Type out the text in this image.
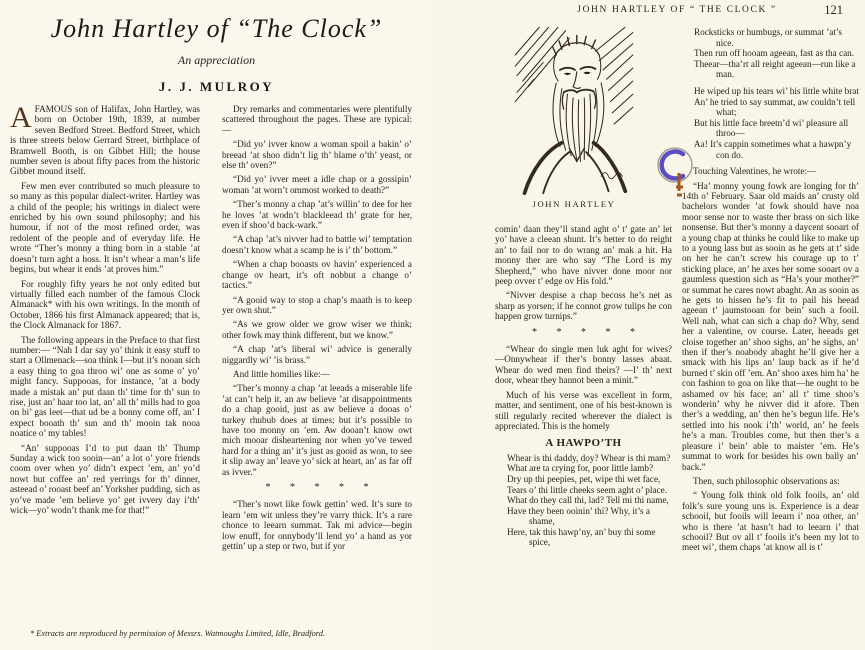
John Hartley of “The Clock”
An appreciation
J. J. MULROY

AFAMOUS son of Halifax, John Hartley, was born on October 19th, 1839, at number seven Bedford Street. Bedford Street, which is three streets below Gerrard Street, birthplace of Bramwell Booth, is on Gibbet Hill; the house number seven is about fifty paces from the historic Gibbet mound itself.

Few men ever contributed so much pleasure to so many as this popular dialect-writer. Hartley was a child of the people; his writings in dialect were enriched by his own sound philosophy; and his humour, if not of the most refined order, was redolent of the people and of everyday life. He wrote “Ther’s monny a thing born in a stable ’at doesn’t turn aght a hoss. It isn’t whear a man’s life begins, but whear it ends ’at proves him.”

For roughly fifty years he not only edited but virtually filled each number of the famous Clock Almanack* with his own writings. In the month of October, 1866 his first Almanack appeared; that is, the Clock Almanack for 1867.

The following appears in the Preface to that first number:— “Nah I dar say yo’ think it easy stuff to start a Ollmenack—soa think I—but it’s nooan sich a easy thing to goa throo wi’ one as some o’ yo’ might fancy. Suppooas, for instance, ’at a body made a mistak an’ put daan th’ time for th’ sun to rise, just an’ haar too lat, an’ all th’ mills had to goa on bi’ gas leet—that ud be a bonny come off, an’ I expect booath th’ sun and th’ mooin tak nooa noatice o’ my tables!

“An’ suppooas I’d to put daan th’ Thump Sunday a wick too sooin—an’ a lot o’ yore friends coom over when yo’ didn’t expect ’em, an’ yo’d nowt but coffee an’ red yerrings for th’ dinner, asteead o’ rooast beef an’ Yorksher pudding, sich as yo’ve made ’em believe yo’ get ivvery day i’th’ wick—yo’ wodn’t thank me for that!”

Dry remarks and commentaries were plentifully scattered throughout the pages. These are typical:—

“Did yo’ ivver know a woman spoil a bakin’ o’ breead ’at shoo didn’t lig th’ blame o’th’ yeast, or else th’ oven?”

“Did yo’ ivver meet a idle chap or a gossipin’ woman ’at worn’t ommost worked to death?”

“Ther’s monny a chap ’at’s willin’ to dee for her he loves ’at wodn’t blackleead th’ grate for her, even if shoo’d back-wark.”

“A chap ’at’s nivver had to battle wi’ temptation doesn’t know what a scamp he is i’ th’ bottom.”

“When a chap booasts ov havin’ experienced a change ov heart, it’s oft nobbut a change o’ tactics.”

“A gooid way to stop a chap’s maath is to keep yer own shut.”

“As we grow older we grow wiser we think; other fowk may think different, but we know.”

“A chap ’at’s liberal wi’ advice is generally niggardly wi’ ’is brass.”

And little homilies like:—

“Ther’s monny a chap ’at leeads a miserable life ’at can’t help it, an aw believe ’at disappointments do a chap gooid, just as aw believe a dooas o’ turkey rhubub does at times; but it’s possible to have too monny on ’em. Aw dooan’t know owt mich mooar disheartening nor when yo’ve tewed hard for a thing an’ it’s just as gooid as won, to see it slip away an’ leave yo’ sick at heart, an’ as far off as ivver.”

* * * * *

“Ther’s nowt like fowk gettin’ wed. It’s sure to learn ’em wit unless they’re varry thick. It’s a rare chonce to leearn summat. Tak mi advice—begin low enuff, for onnybody’ll lend yo’ a hand as yor gettin’ up a step or two, but if yor

* Extracts are reproduced by permission of Messrs. Watmoughs Limited, Idle, Bradford.
JOHN HARTLEY OF “ THE CLOCK ”	121
JOHN HARTLEY

comin’ daan they’ll stand aght o’ t’ gate an’ let yo’ have a cleean shunt. It’s better to do reight an’ to fail nor to do wrang an’ mak a hit. Ha monny ther are who say “The Lord is my Shepherd,” who have nivver done moor nor peep ovver t’ edge ov His fold.”

“Nivver despise a chap becoss he’s net as sharp as yorsen; if he connot grow tulips he con happen grow turnips.”

* * * * *

“Whear do single men luk aght for wives? —Onnywhear if ther’s bonny lasses abaat. Whear do wed men find theirs? —I’ th’ next door, whear they hannot been a minit.”

Much of his verse was excellent in form, matter, and sentiment, one of his best-known is still regularly recited wherever the dialect is appreciated. This is the homely

A HAWPO’TH
Whear is thi daddy, doy? Whear is thi mam?
What are ta crying for, poor little lamb?
Dry up thi peepies, pet, wipe thi wet face,
Tears o’ thi little cheeks seem aght o’ place.
What do they call thi, lad? Tell mi thi name,
Have they been ooinin’ thi? Why, it’s a shame,
Here, tak this hawp’ny, an’ buy thi some spice,
Rocksticks or humbugs, or summat ’at’s nice.
Then run off hooam ageean, fast as tha can.
Theear—tha’rt all reight ageean—run like a man.
He wiped up his tears wi’ his little white brat
An’ he tried to say summat, aw couldn’t tell what;
But his little face breetn’d wi’ pleasure all throo—
Aa! It’s cappin sometimes what a hawpn’y con do.

Touching Valentines, he wrote:—

“Ha’ monny young fowk are longing for th’ 14th o’ February. Saar old maids an’ crusty old bachelors wonder ’at fowk should have noa moor sense nor to waste ther brass on sich like nonsense. But ther’s monny a daycent sooart of a young chap at thinks he could like to make up to a young lass but as sooin as he gets at t’ side on her he can’t screw his courage up to t’ sticking place, an’ he axes her some sooart ov a gaumless question sich as “Ha’s your mother?” or summat he cares nowt abaght. An as sooin as he gets to hissen he’s fit to pail his heead ageean t’ jaumstooan for bein’ such a fooil. Well nah, what can sich a chap do? Why, send her a valentine, ov course. Later, heeads get cloise together an’ shoo sighs, an’ he sighs, an’ then if ther’s noabody abaght he’ll give her a smack with his lips an’ laup back as if he’d burned t’ skin off ’em. An’ shoo axes him ha’ he con fashion to goa on like that—he ought to be ashamed ov his face; an’ all t’ time shoo’s wonderin’ why he nivver did it afore. Then ther’s a wedding, an’ then he’s begun life. He’s settled into his nook i’th’ world, an’ he feels he’s a man. Troubles come, but then ther’s a pleasure i’ bein’ able to maister ’em. He’s summat to work for besides his own bally an’ back.”

Then, such philosophic observations as:

“ Young folk think old folk fooils, an’ old folk’s sure young uns is. Experience is a dear schooil, but fooils will leearn i’ noa other, an’ who is there ’at hasn’t had to leearn i’ that schooil? But ov all t’ fooils it’s been my lot to meet wi’, them chaps ’at know all is t’
